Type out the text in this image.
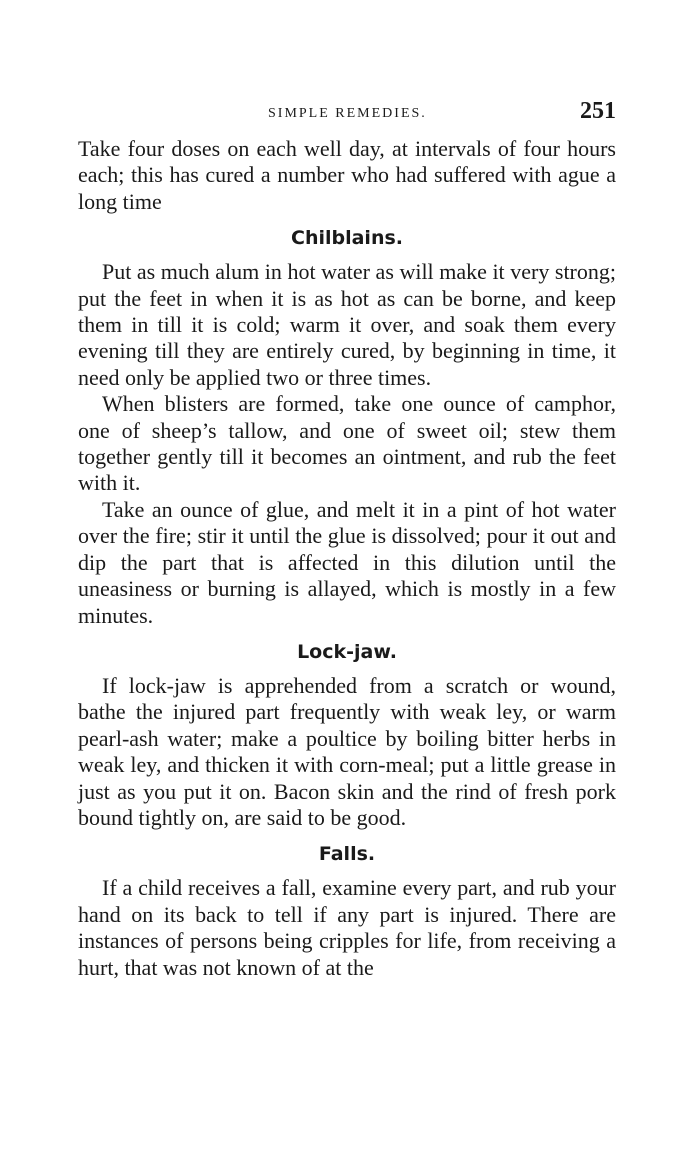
SIMPLE REMEDIES.	251

Take four doses on each well day, at intervals of four hours each; this has cured a number who had suffered with ague a long time

Chilblains.

Put as much alum in hot water as will make it very strong; put the feet in when it is as hot as can be borne, and keep them in till it is cold; warm it over, and soak them every evening till they are entirely cured, by beginning in time, it need only be applied two or three times.

When blisters are formed, take one ounce of camphor, one of sheep’s tallow, and one of sweet oil; stew them together gently till it becomes an ointment, and rub the feet with it.

Take an ounce of glue, and melt it in a pint of hot water over the fire; stir it until the glue is dissolved; pour it out and dip the part that is affected in this dilution until the uneasiness or burning is allayed, which is mostly in a few minutes.

Lock-jaw.

If lock-jaw is apprehended from a scratch or wound, bathe the injured part frequently with weak ley, or warm pearl-ash water; make a poultice by boiling bitter herbs in weak ley, and thicken it with corn-meal; put a little grease in just as you put it on. Bacon skin and the rind of fresh pork bound tightly on, are said to be good.

Falls.

If a child receives a fall, examine every part, and rub your hand on its back to tell if any part is injured. There are instances of persons being cripples for life, from receiving a hurt, that was not known of at the
